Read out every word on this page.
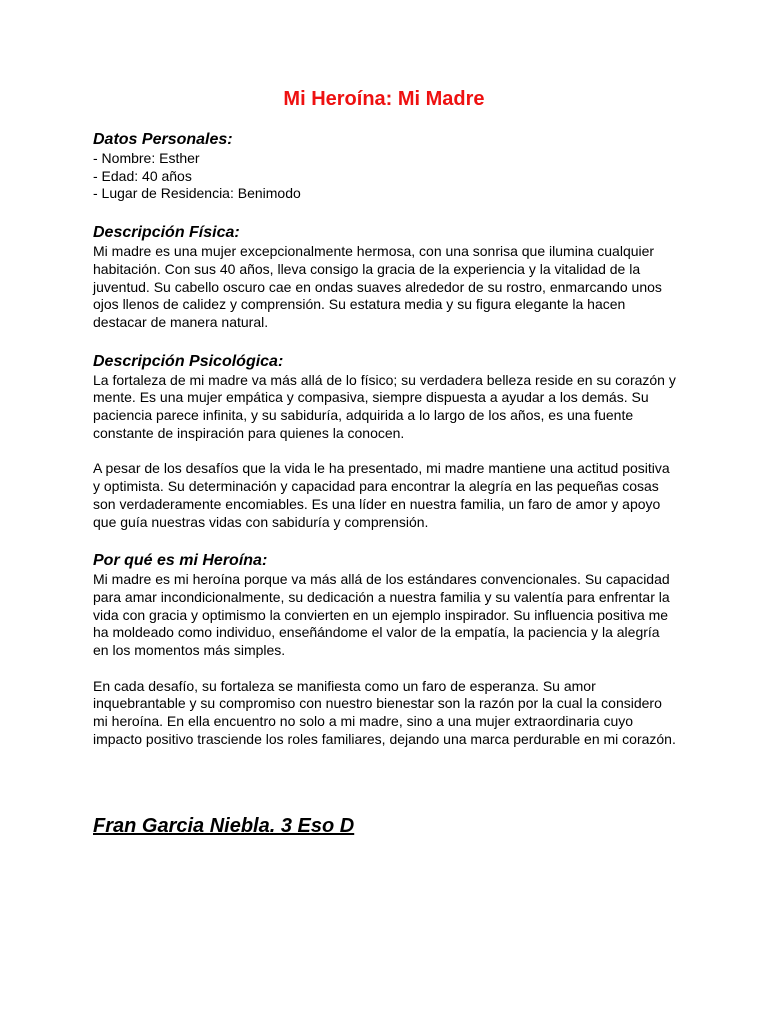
Mi Heroína: Mi Madre
Datos Personales:
- Nombre: Esther
- Edad: 40 años
- Lugar de Residencia: Benimodo
Descripción Física:

Mi madre es una mujer excepcionalmente hermosa, con una sonrisa que ilumina cualquier habitación. Con sus 40 años, lleva consigo la gracia de la experiencia y la vitalidad de la juventud. Su cabello oscuro cae en ondas suaves alrededor de su rostro, enmarcando unos ojos llenos de calidez y comprensión. Su estatura media y su figura elegante la hacen destacar de manera natural.

Descripción Psicológica:

La fortaleza de mi madre va más allá de lo físico; su verdadera belleza reside en su corazón y mente. Es una mujer empática y compasiva, siempre dispuesta a ayudar a los demás. Su paciencia parece infinita, y su sabiduría, adquirida a lo largo de los años, es una fuente constante de inspiración para quienes la conocen.

A pesar de los desafíos que la vida le ha presentado, mi madre mantiene una actitud positiva y optimista. Su determinación y capacidad para encontrar la alegría en las pequeñas cosas son verdaderamente encomiables. Es una líder en nuestra familia, un faro de amor y apoyo que guía nuestras vidas con sabiduría y comprensión.

Por qué es mi Heroína:

Mi madre es mi heroína porque va más allá de los estándares convencionales. Su capacidad para amar incondicionalmente, su dedicación a nuestra familia y su valentía para enfrentar la vida con gracia y optimismo la convierten en un ejemplo inspirador. Su influencia positiva me ha moldeado como individuo, enseñándome el valor de la empatía, la paciencia y la alegría en los momentos más simples.

En cada desafío, su fortaleza se manifiesta como un faro de esperanza. Su amor inquebrantable y su compromiso con nuestro bienestar son la razón por la cual la considero mi heroína. En ella encuentro no solo a mi madre, sino a una mujer extraordinaria cuyo impacto positivo trasciende los roles familiares, dejando una marca perdurable en mi corazón.

Fran Garcia Niebla. 3 Eso D
